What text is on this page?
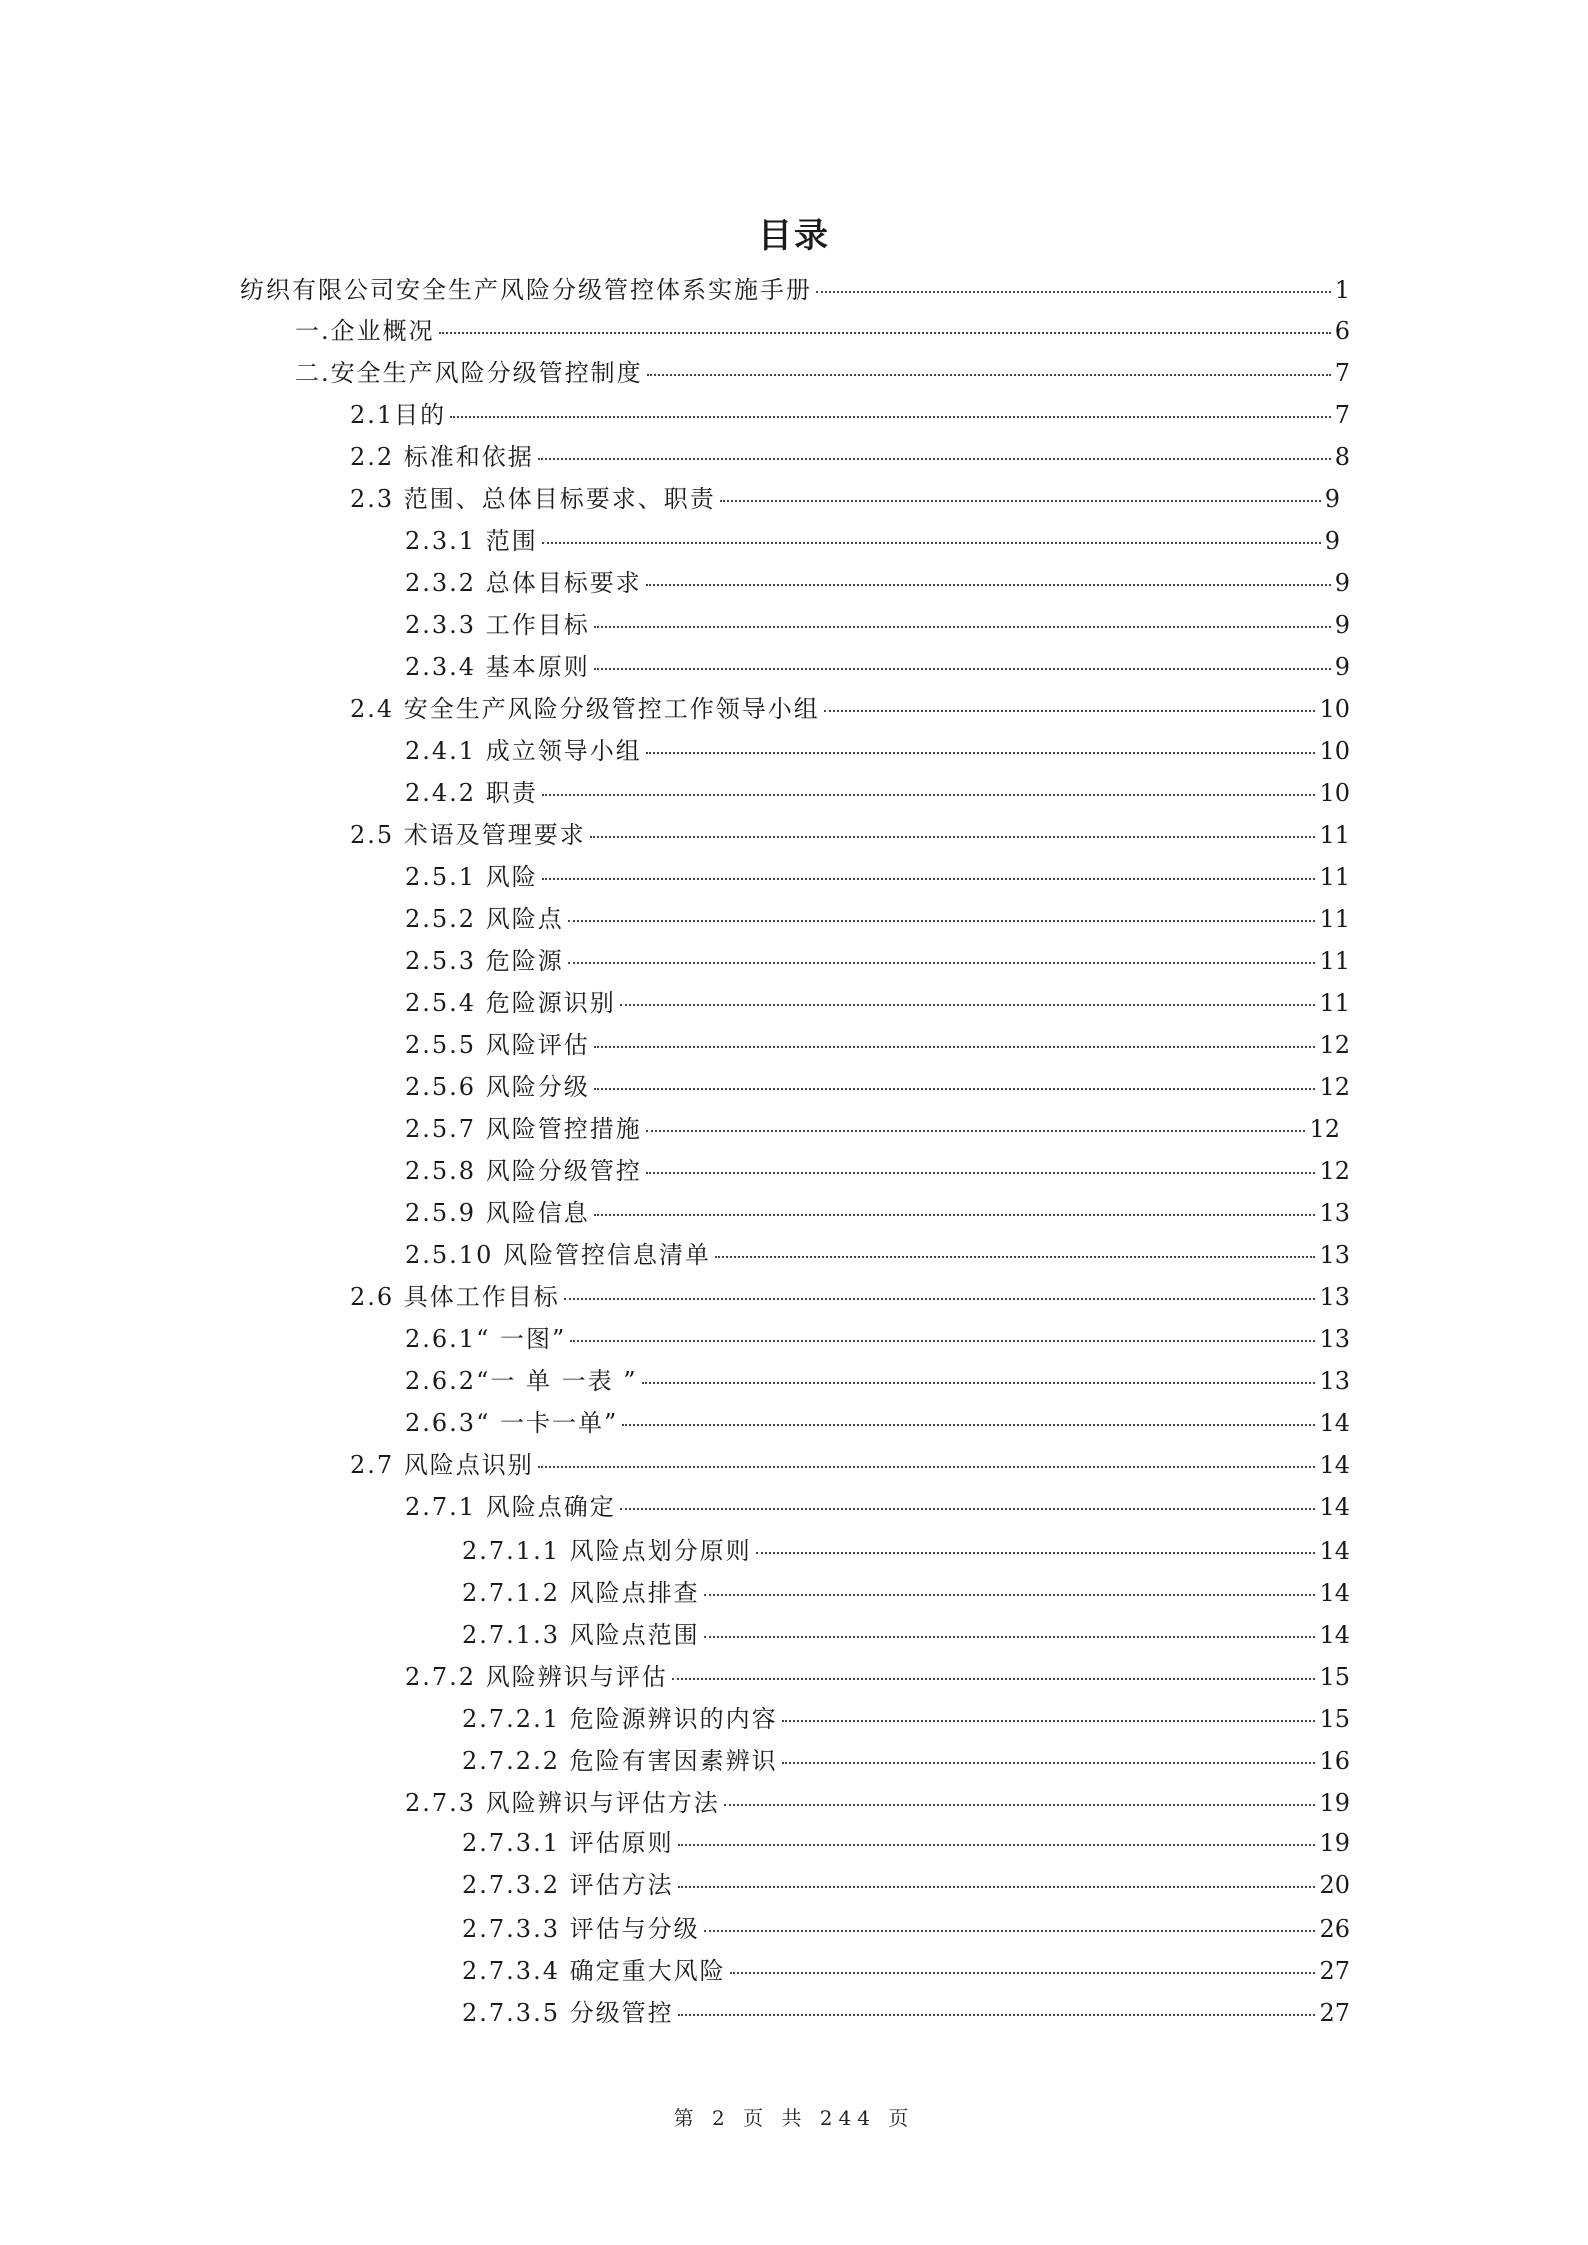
目录
纺织有限公司安全生产风险分级管控体系实施手册	1
一.企业概况	6
二.安全生产风险分级管控制度	7
2.1目的	7
2.2 标准和依据	8
2.3 范围、总体目标要求、职责	9
2.3.1 范围	9
2.3.2 总体目标要求	9
2.3.3 工作目标	9
2.3.4 基本原则	9
2.4 安全生产风险分级管控工作领导小组	10
2.4.1 成立领导小组	10
2.4.2 职责	10
2.5 术语及管理要求	11
2.5.1 风险	11
2.5.2 风险点	11
2.5.3 危险源	11
2.5.4 危险源识别	11
2.5.5 风险评估	12
2.5.6 风险分级	12
2.5.7 风险管控措施	12
2.5.8 风险分级管控	12
2.5.9 风险信息	13
2.5.10 风险管控信息清单	13
2.6 具体工作目标	13
2.6.1“ 一图”	13
2.6.2“一 单 一表 ”	13
2.6.3“ 一卡一单”	14
2.7 风险点识别	14
2.7.1 风险点确定	14
2.7.1.1 风险点划分原则	14
2.7.1.2 风险点排查	14
2.7.1.3 风险点范围	14
2.7.2 风险辨识与评估	15
2.7.2.1 危险源辨识的内容	15
2.7.2.2 危险有害因素辨识	16
2.7.3 风险辨识与评估方法	19
2.7.3.1 评估原则	19
2.7.3.2 评估方法	20
2.7.3.3 评估与分级	26
2.7.3.4 确定重大风险	27
2.7.3.5 分级管控	27
第 2 页 共 244 页
